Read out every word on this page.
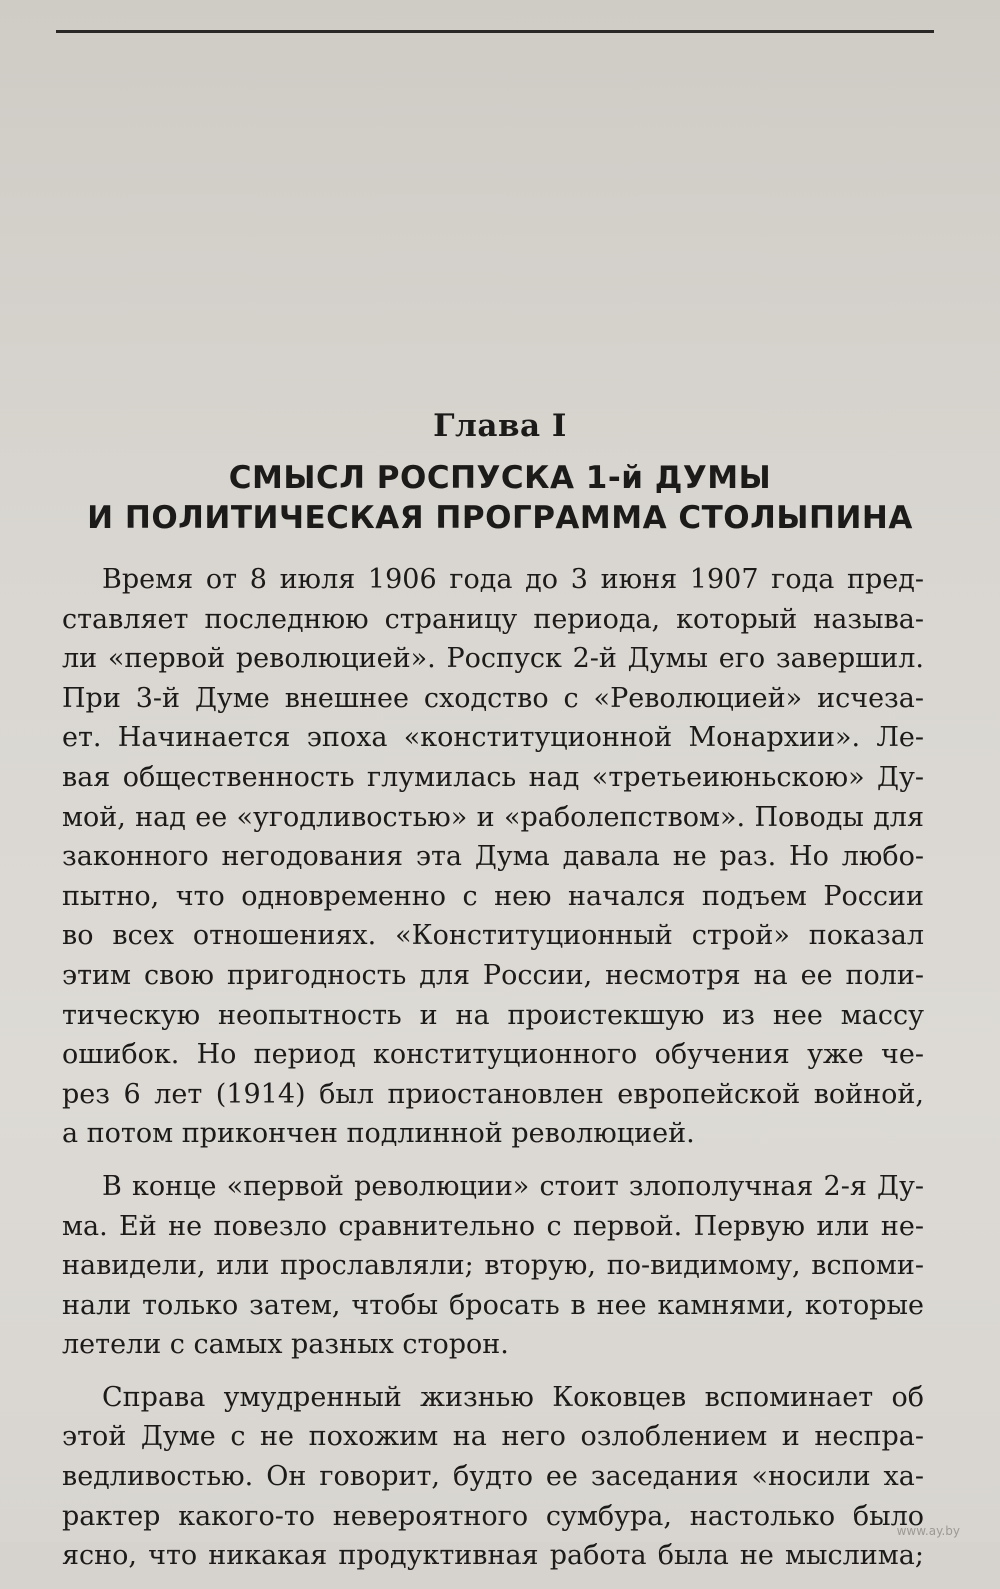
Глава I
СМЫСЛ РОСПУСКА 1-й ДУМЫ
И ПОЛИТИЧЕСКАЯ ПРОГРАММА СТОЛЫПИНА
Время от 8 июля 1906 года до 3 июня 1907 года пред-
ставляет последнюю страницу периода, который называ-
ли «первой революцией». Роспуск 2-й Думы его завершил.
При 3-й Думе внешнее сходство с «Революцией» исчеза-
ет. Начинается эпоха «конституционной Монархии». Ле-
вая общественность глумилась над «третьеиюньскою» Ду-
мой, над ее «угодливостью» и «раболепством». Поводы для
законного негодования эта Дума давала не раз. Но любо-
пытно, что одновременно с нею начался подъем России
во всех отношениях. «Конституционный строй» показал
этим свою пригодность для России, несмотря на ее поли-
тическую неопытность и на проистекшую из нее массу
ошибок. Но период конституционного обучения уже че-
рез 6 лет (1914) был приостановлен европейской войной,
а потом прикончен подлинной революцией.
В конце «первой революции» стоит злополучная 2-я Ду-
ма. Ей не повезло сравнительно с первой. Первую или не-
навидели, или прославляли; вторую, по-видимому, вспоми-
нали только затем, чтобы бросать в нее камнями, которые
летели с самых разных сторон.
Справа умудренный жизнью Коковцев вспоминает об
этой Думе с не похожим на него озлоблением и неспра-
ведливостью. Он говорит, будто ее заседания «носили ха-
рактер какого-то невероятного сумбура, настолько было
ясно, что никакая продуктивная работа была не мыслима;
www.ay.by
